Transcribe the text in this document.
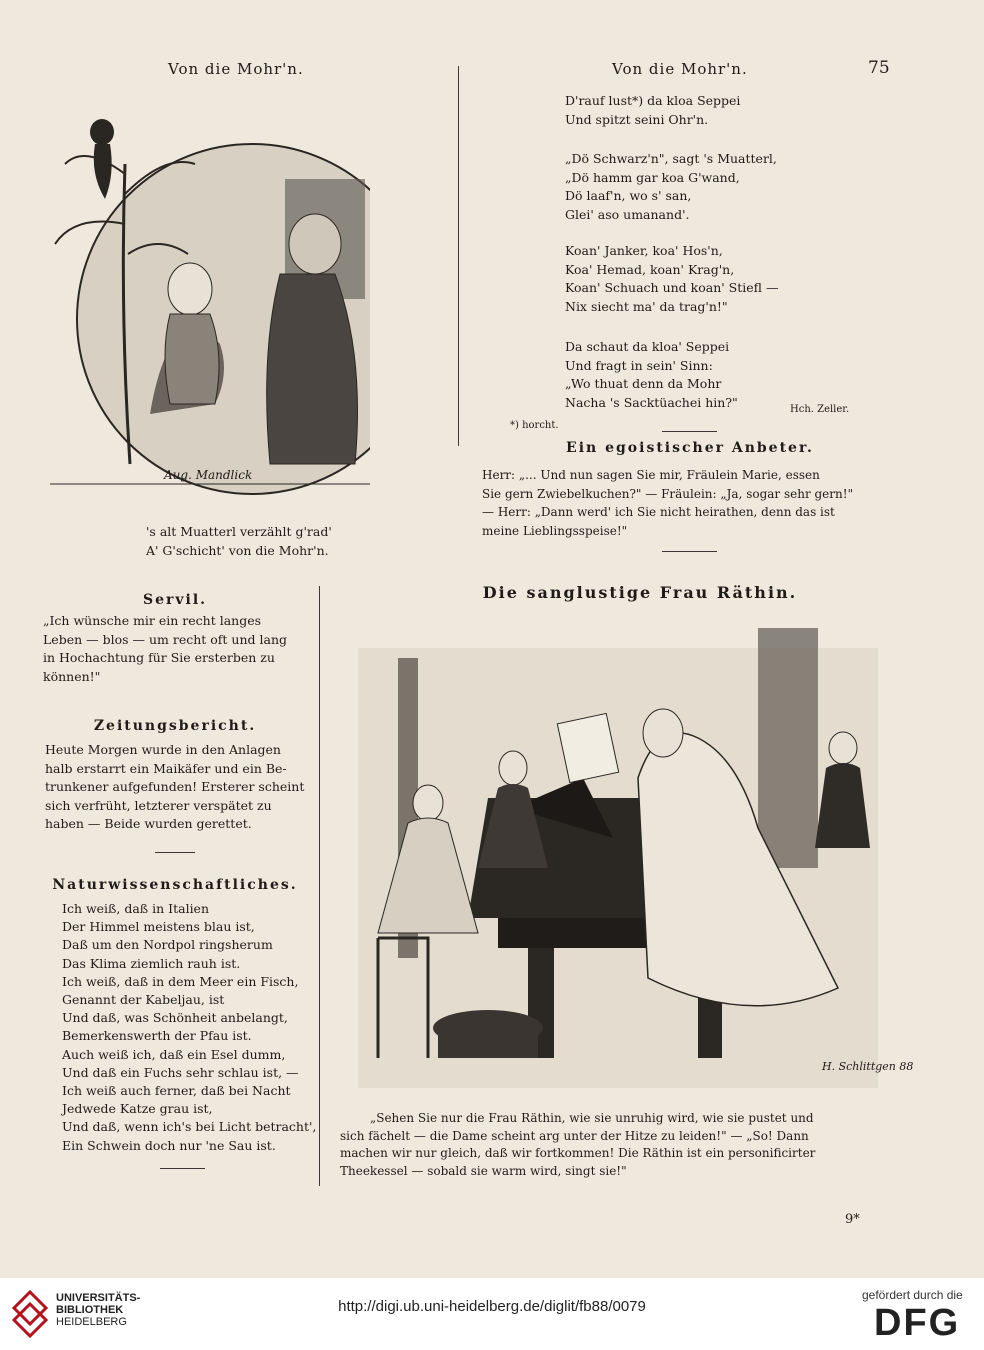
Von die Mohr'n.	Von die Mohr'n.	75
Aug. Mandlick
's alt Muatterl verzählt g'rad'
A' G'schicht' von die Mohr'n.
D'rauf lust*) da kloa Seppei
Und spitzt seini Ohr'n.
„Dö Schwarz'n", sagt 's Muatterl,
„Dö hamm gar koa G'wand,
Dö laaf'n, wo s' san,
Glei' aso umanand'.
Koan' Janker, koa' Hos'n,
Koa' Hemad, koan' Krag'n,
Koan' Schuach und koan' Stiefl —
Nix siecht ma' da trag'n!"
Da schaut da kloa' Seppei
Und fragt in sein' Sinn:
„Wo thuat denn da Mohr
Nacha 's Sacktüachei hin?"	Hch. Zeller.
*) horcht.
Ein egoistischer Anbeter.
Herr: „... Und nun sagen Sie mir, Fräulein Marie, essen
Sie gern Zwiebelkuchen?" — Fräulein: „Ja, sogar sehr gern!"
— Herr: „Dann werd' ich Sie nicht heirathen, denn das ist
meine Lieblingsspeise!"
Servil.
„Ich wünsche mir ein recht langes
Leben — blos — um recht oft und lang
in Hochachtung für Sie ersterben zu
können!"
Zeitungsbericht.
Heute Morgen wurde in den Anlagen
halb erstarrt ein Maikäfer und ein Be-
trunkener aufgefunden! Ersterer scheint
sich verfrüht, letzterer verspätet zu
haben — Beide wurden gerettet.
Naturwissenschaftliches.
Ich weiß, daß in Italien
Der Himmel meistens blau ist,
Daß um den Nordpol ringsherum
Das Klima ziemlich rauh ist.
Ich weiß, daß in dem Meer ein Fisch,
Genannt der Kabeljau, ist
Und daß, was Schönheit anbelangt,
Bemerkenswerth der Pfau ist.
Auch weiß ich, daß ein Esel dumm,
Und daß ein Fuchs sehr schlau ist, —
Ich weiß auch ferner, daß bei Nacht
Jedwede Katze grau ist,
Und daß, wenn ich's bei Licht betracht',
Ein Schwein doch nur 'ne Sau ist.
Die sanglustige Frau Räthin.
H. Schlittgen 88
„Sehen Sie nur die Frau Räthin, wie sie unruhig wird, wie sie pustet und
sich fächelt — die Dame scheint arg unter der Hitze zu leiden!" — „So! Dann
machen wir nur gleich, daß wir fortkommen! Die Räthin ist ein personificirter
Theekessel — sobald sie warm wird, singt sie!"
9*
UNIVERSITÄTS-
BIBLIOTHEK
HEIDELBERG
http://digi.ub.uni-heidelberg.de/diglit/fb88/0079
gefördert durch die
DFG
